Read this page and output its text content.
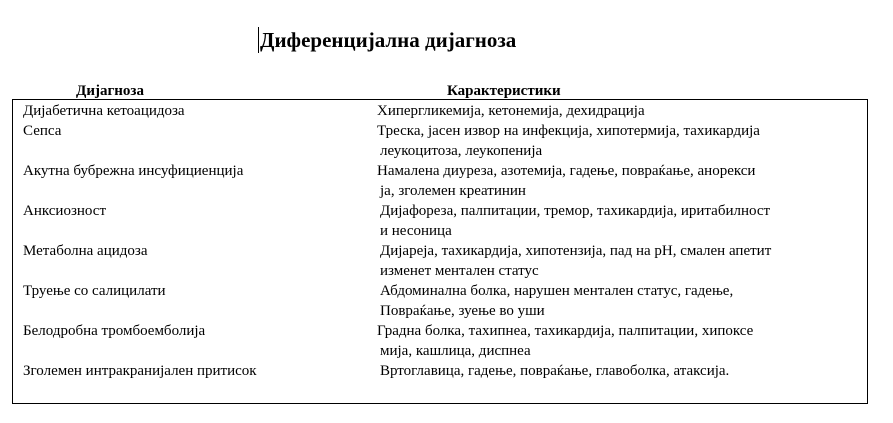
Диференцијална дијагноза
Дијагноза	Карактеристики
Дијабетична кетоацидоза	Хипергликемија, кетонемија, дехидрација
Сепса	Треска, јасен извор на инфекција, хипотермија, тахикардија
леукоцитоза, леукопенија
Акутна бубрежна инсуфициенција	Намалена диуреза, азотемија, гадење, повраќање, анорекси
ја, зголемен креатинин
Анксиозност	Дијафореза, палпитации, тремор, тахикардија, иритабилност
и несоница
Метаболна ацидоза	Дијареја, тахикардија, хипотензија, пад на pH, смален апетит
изменет ментален статус
Труење со салицилати	Абдоминална болка, нарушен ментален статус, гадење,
Повраќање, зуење во уши
Белодробна тромбоемболија	Градна болка, тахипнеа, тахикардија, палпитации, хипоксе
мија, кашлица, диспнеа
Зголемен интракранијален притисок	Вртоглавица, гадење, повраќање, главоболка, атаксија.
